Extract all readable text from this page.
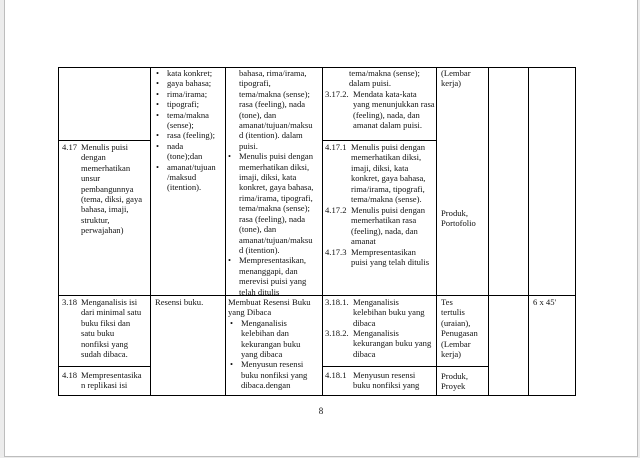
4.17 Menulis puisi
dengan
memerhatikan
unsur
pembangunnya
(tema, diksi, gaya
bahasa, imaji,
struktur,
perwajahan)
• kata konkret;
• gaya bahasa;
• rima/irama;
• tipografi;
• tema/makna
(sense);
• rasa (feeling);
• nada
(tone);dan
• amanat/tujuan
/maksud
(itention).
bahasa, rima/irama,
tipografi,
tema/makna (sense);
rasa (feeling), nada
(tone), dan
amanat/tujuan/maksu
d (itention). dalam
puisi.
• Menulis puisi dengan
memerhatikan diksi,
imaji, diksi, kata
konkret, gaya bahasa,
rima/irama, tipografi,
tema/makna (sense);
rasa (feeling), nada
(tone), dan
amanat/tujuan/maksu
d (itention).
• Mempresentasikan,
menanggapi, dan
merevisi puisi yang
telah ditulis
tema/makna (sense);
dalam puisi.
3.17.2. Mendata kata-kata
yang menunjukkan rasa
(feeling), nada, dan
amanat dalam puisi.
4.17.1 Menulis puisi dengan
memerhatikan diksi,
imaji, diksi, kata
konkret, gaya bahasa,
rima/irama, tipografi,
tema/makna (sense).
4.17.2 Menulis puisi dengan
memerhatikan rasa
(feeling), nada, dan
amanat
4.17.3 Mempresentasikan
puisi yang telah ditulis
(Lembar
kerja)
Produk,
Portofolio
3.18 Menganalisis isi
dari minimal satu
buku fiksi dan
satu buku
nonfiksi yang
sudah dibaca.
Resensi buku.	Membuat Resensi Buku
yang Dibaca
• Menganalisis
kelebihan dan
kekurangan buku
yang dibaca
• Menyusun resensi
buku nonfiksi yang
dibaca.dengan
3.18.1. Menganalisis
kelebihan buku yang
dibaca
3.18.2. Menganalisis
kekurangan buku yang
dibaca
4.18.1 Menyusun resensi
buku nonfiksi yang
Tes
tertulis
(uraian),
Penugasan
(Lembar
kerja)
Produk,
Proyek
6 x 45'
4.18 Mempresentasika
n replikasi isi
8
